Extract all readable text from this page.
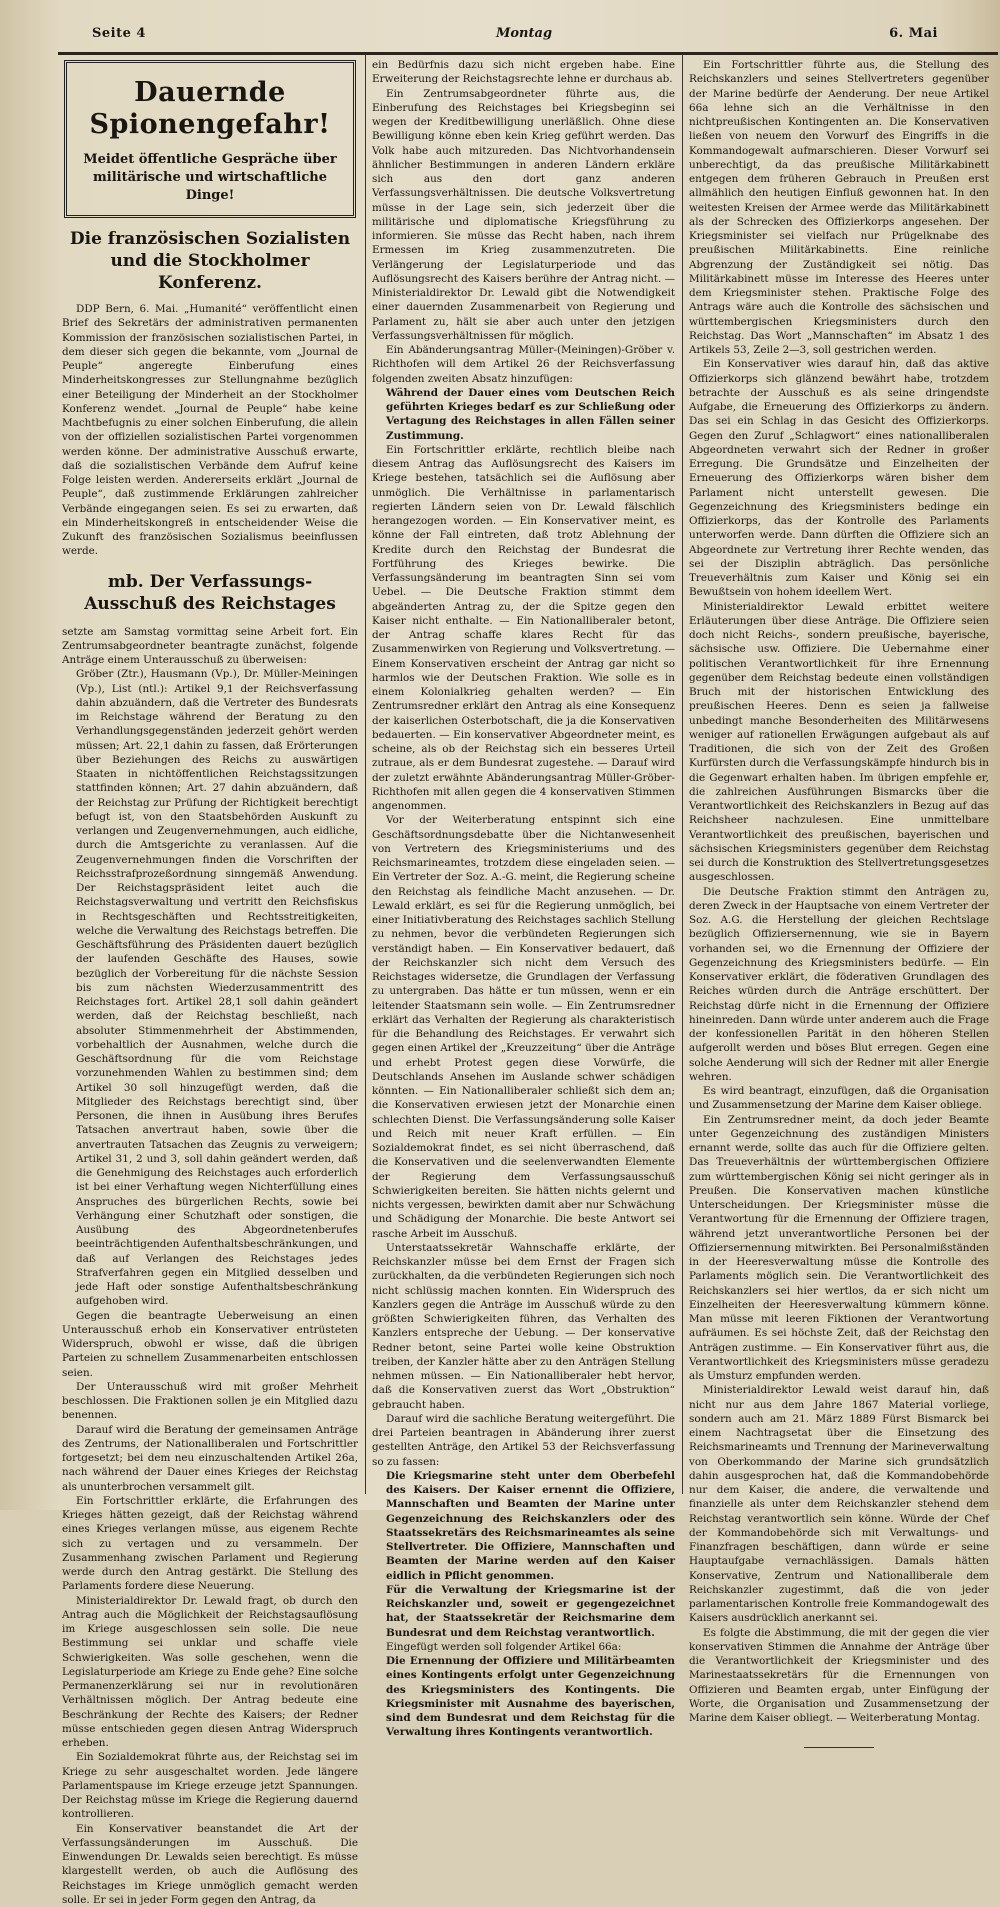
Seite 4	Montag	6. Mai
Dauernde Spionengefahr!
Meidet öffentliche Gespräche über militärische und wirtschaftliche Dinge!
Die französischen Sozialisten und die Stockholmer Konferenz.

DDP Bern, 6. Mai. „Humanité“ veröffentlicht einen Brief des Sekretärs der administrativen permanenten Kommission der französischen sozialistischen Partei, in dem dieser sich gegen die bekannte, vom „Journal de Peuple“ angeregte Einberufung eines Minderheitskongresses zur Stellungnahme bezüglich einer Beteiligung der Minderheit an der Stockholmer Konferenz wendet. „Journal de Peuple“ habe keine Machtbefugnis zu einer solchen Einberufung, die allein von der offiziellen sozialistischen Partei vorgenommen werden könne. Der administrative Ausschuß erwarte, daß die sozialistischen Verbände dem Aufruf keine Folge leisten werden. Andererseits erklärt „Journal de Peuple“, daß zustimmende Erklärungen zahlreicher Verbände eingegangen seien. Es sei zu erwarten, daß ein Minderheitskongreß in entscheidender Weise die Zukunft des französischen Sozialismus beeinflussen werde.

mb. Der Verfassungs-Ausschuß des Reichstages

setzte am Samstag vormittag seine Arbeit fort. Ein Zentrumsabgeordneter beantragte zunächst, folgende Anträge einem Unterausschuß zu überweisen:

Gröber (Ztr.), Hausmann (Vp.), Dr. Müller-Meiningen (Vp.), List (ntl.): Artikel 9,1 der Reichsverfassung dahin abzuändern, daß die Vertreter des Bundesrats im Reichstage während der Beratung zu den Verhandlungsgegenständen jederzeit gehört werden müssen; Art. 22,1 dahin zu fassen, daß Erörterungen über Beziehungen des Reichs zu auswärtigen Staaten in nichtöffentlichen Reichstagssitzungen stattfinden können; Art. 27 dahin abzuändern, daß der Reichstag zur Prüfung der Richtigkeit berechtigt befugt ist, von den Staatsbehörden Auskunft zu verlangen und Zeugenvernehmungen, auch eidliche, durch die Amtsgerichte zu veranlassen. Auf die Zeugenvernehmungen finden die Vorschriften der Reichsstrafprozeßordnung sinngemäß Anwendung. Der Reichstagspräsident leitet auch die Reichstagsverwaltung und vertritt den Reichsfiskus in Rechtsgeschäften und Rechtsstreitigkeiten, welche die Verwaltung des Reichstags betreffen. Die Geschäftsführung des Präsidenten dauert bezüglich der laufenden Geschäfte des Hauses, sowie bezüglich der Vorbereitung für die nächste Session bis zum nächsten Wiederzusammentritt des Reichstages fort. Artikel 28,1 soll dahin geändert werden, daß der Reichstag beschließt, nach absoluter Stimmenmehrheit der Abstimmenden, vorbehaltlich der Ausnahmen, welche durch die Geschäftsordnung für die vom Reichstage vorzunehmenden Wahlen zu bestimmen sind; dem Artikel 30 soll hinzugefügt werden, daß die Mitglieder des Reichstags berechtigt sind, über Personen, die ihnen in Ausübung ihres Berufes Tatsachen anvertraut haben, sowie über die anvertrauten Tatsachen das Zeugnis zu verweigern; Artikel 31, 2 und 3, soll dahin geändert werden, daß die Genehmigung des Reichstages auch erforderlich ist bei einer Verhaftung wegen Nichterfüllung eines Anspruches des bürgerlichen Rechts, sowie bei Verhängung einer Schutzhaft oder sonstigen, die Ausübung des Abgeordnetenberufes beeinträchtigenden Aufenthaltsbeschränkungen, und daß auf Verlangen des Reichstages jedes Strafverfahren gegen ein Mitglied desselben und jede Haft oder sonstige Aufenthaltsbeschränkung aufgehoben wird.

Gegen die beantragte Ueberweisung an einen Unterausschuß erhob ein Konservativer entrüsteten Widerspruch, obwohl er wisse, daß die übrigen Parteien zu schnellem Zusammenarbeiten entschlossen seien.

Der Unterausschuß wird mit großer Mehrheit beschlossen. Die Fraktionen sollen je ein Mitglied dazu benennen.

Darauf wird die Beratung der gemeinsamen Anträge des Zentrums, der Nationalliberalen und Fortschrittler fortgesetzt; bei dem neu einzuschaltenden Artikel 26a, nach während der Dauer eines Krieges der Reichstag als ununterbrochen versammelt gilt.

Ein Fortschrittler erklärte, die Erfahrungen des Krieges hätten gezeigt, daß der Reichstag während eines Krieges verlangen müsse, aus eigenem Rechte sich zu vertagen und zu versammeln. Der Zusammenhang zwischen Parlament und Regierung werde durch den Antrag gestärkt. Die Stellung des Parlaments fordere diese Neuerung.

Ministerialdirektor Dr. Lewald fragt, ob durch den Antrag auch die Möglichkeit der Reichstagsauflösung im Kriege ausgeschlossen sein solle. Die neue Bestimmung sei unklar und schaffe viele Schwierigkeiten. Was solle geschehen, wenn die Legislaturperiode am Kriege zu Ende gehe? Eine solche Permanenzerklärung sei nur in revolutionären Verhältnissen möglich. Der Antrag bedeute eine Beschränkung der Rechte des Kaisers; der Redner müsse entschieden gegen diesen Antrag Widerspruch erheben.

Ein Sozialdemokrat führte aus, der Reichstag sei im Kriege zu sehr ausgeschaltet worden. Jede längere Parlamentspause im Kriege erzeuge jetzt Spannungen. Der Reichstag müsse im Kriege die Regierung dauernd kontrollieren.

Ein Konservativer beanstandet die Art der Verfassungsänderungen im Ausschuß. Die Einwendungen Dr. Lewalds seien berechtigt. Es müsse klargestellt werden, ob auch die Auflösung des Reichstages im Kriege unmöglich gemacht werden solle. Er sei in jeder Form gegen den Antrag, da

ein Bedürfnis dazu sich nicht ergeben habe. Eine Erweiterung der Reichstagsrechte lehne er durchaus ab.

Ein Zentrumsabgeordneter führte aus, die Einberufung des Reichstages bei Kriegsbeginn sei wegen der Kreditbewilligung unerläßlich. Ohne diese Bewilligung könne eben kein Krieg geführt werden. Das Volk habe auch mitzureden. Das Nichtvorhandensein ähnlicher Bestimmungen in anderen Ländern erkläre sich aus den dort ganz anderen Verfassungsverhältnissen. Die deutsche Volksvertretung müsse in der Lage sein, sich jederzeit über die militärische und diplomatische Kriegsführung zu informieren. Sie müsse das Recht haben, nach ihrem Ermessen im Krieg zusammenzutreten. Die Verlängerung der Legislaturperiode und das Auflösungsrecht des Kaisers berühre der Antrag nicht. — Ministerialdirektor Dr. Lewald gibt die Notwendigkeit einer dauernden Zusammenarbeit von Regierung und Parlament zu, hält sie aber auch unter den jetzigen Verfassungsverhältnissen für möglich.

Ein Abänderungsantrag Müller-(Meiningen)-Gröber v. Richthofen will dem Artikel 26 der Reichsverfassung folgenden zweiten Absatz hinzufügen:

Während der Dauer eines vom Deutschen Reich geführten Krieges bedarf es zur Schließung oder Vertagung des Reichstages in allen Fällen seiner Zustimmung.

Ein Fortschrittler erklärte, rechtlich bleibe nach diesem Antrag das Auflösungsrecht des Kaisers im Kriege bestehen, tatsächlich sei die Auflösung aber unmöglich. Die Verhältnisse in parlamentarisch regierten Ländern seien von Dr. Lewald fälschlich herangezogen worden. — Ein Konservativer meint, es könne der Fall eintreten, daß trotz Ablehnung der Kredite durch den Reichstag der Bundesrat die Fortführung des Krieges bewirke. Die Verfassungsänderung im beantragten Sinn sei vom Uebel. — Die Deutsche Fraktion stimmt dem abgeänderten Antrag zu, der die Spitze gegen den Kaiser nicht enthalte. — Ein Nationalliberaler betont, der Antrag schaffe klares Recht für das Zusammenwirken von Regierung und Volksvertretung. — Einem Konservativen erscheint der Antrag gar nicht so harmlos wie der Deutschen Fraktion. Wie solle es in einem Kolonialkrieg gehalten werden? — Ein Zentrumsredner erklärt den Antrag als eine Konsequenz der kaiserlichen Osterbotschaft, die ja die Konservativen bedauerten. — Ein konservativer Abgeordneter meint, es scheine, als ob der Reichstag sich ein besseres Urteil zutraue, als er dem Bundesrat zugestehe. — Darauf wird der zuletzt erwähnte Abänderungsantrag Müller-Gröber-Richthofen mit allen gegen die 4 konservativen Stimmen angenommen.

Vor der Weiterberatung entspinnt sich eine Geschäftsordnungsdebatte über die Nichtanwesenheit von Vertretern des Kriegsministeriums und des Reichsmarineamtes, trotzdem diese eingeladen seien. — Ein Vertreter der Soz. A.-G. meint, die Regierung scheine den Reichstag als feindliche Macht anzusehen. — Dr. Lewald erklärt, es sei für die Regierung unmöglich, bei einer Initiativberatung des Reichstages sachlich Stellung zu nehmen, bevor die verbündeten Regierungen sich verständigt haben. — Ein Konservativer bedauert, daß der Reichskanzler sich nicht dem Versuch des Reichstages widersetze, die Grundlagen der Verfassung zu untergraben. Das hätte er tun müssen, wenn er ein leitender Staatsmann sein wolle. — Ein Zentrumsredner erklärt das Verhalten der Regierung als charakteristisch für die Behandlung des Reichstages. Er verwahrt sich gegen einen Artikel der „Kreuzzeitung“ über die Anträge und erhebt Protest gegen diese Vorwürfe, die Deutschlands Ansehen im Auslande schwer schädigen könnten. — Ein Nationalliberaler schließt sich dem an; die Konservativen erwiesen jetzt der Monarchie einen schlechten Dienst. Die Verfassungsänderung solle Kaiser und Reich mit neuer Kraft erfüllen. — Ein Sozialdemokrat findet, es sei nicht überraschend, daß die Konservativen und die seelenverwandten Elemente der Regierung dem Verfassungsausschuß Schwierigkeiten bereiten. Sie hätten nichts gelernt und nichts vergessen, bewirkten damit aber nur Schwächung und Schädigung der Monarchie. Die beste Antwort sei rasche Arbeit im Ausschuß.

Unterstaatssekretär Wahnschaffe erklärte, der Reichskanzler müsse bei dem Ernst der Fragen sich zurückhalten, da die verbündeten Regierungen sich noch nicht schlüssig machen konnten. Ein Widerspruch des Kanzlers gegen die Anträge im Ausschuß würde zu den größten Schwierigkeiten führen, das Verhalten des Kanzlers entspreche der Uebung. — Der konservative Redner betont, seine Partei wolle keine Obstruktion treiben, der Kanzler hätte aber zu den Anträgen Stellung nehmen müssen. — Ein Nationalliberaler hebt hervor, daß die Konservativen zuerst das Wort „Obstruktion“ gebraucht haben.

Darauf wird die sachliche Beratung weitergeführt. Die drei Parteien beantragen in Abänderung ihrer zuerst gestellten Anträge, den Artikel 53 der Reichsverfassung so zu fassen:

Die Kriegsmarine steht unter dem Oberbefehl des Kaisers. Der Kaiser ernennt die Offiziere, Mannschaften und Beamten der Marine unter Gegenzeichnung des Reichskanzlers oder des Staatssekretärs des Reichsmarineamtes als seine Stellvertreter. Die Offiziere, Mannschaften und Beamten der Marine werden auf den Kaiser eidlich in Pflicht genommen.

Für die Verwaltung der Kriegsmarine ist der Reichskanzler und, soweit er gegengezeichnet hat, der Staatssekretär der Reichsmarine dem Bundesrat und dem Reichstag verantwortlich.

Eingefügt werden soll folgender Artikel 66a:

Die Ernennung der Offiziere und Militärbeamten eines Kontingents erfolgt unter Gegenzeichnung des Kriegsministers des Kontingents. Die Kriegsminister mit Ausnahme des bayerischen, sind dem Bundesrat und dem Reichstag für die Verwaltung ihres Kontingents verantwortlich.

Ein Fortschrittler führte aus, die Stellung des Reichskanzlers und seines Stellvertreters gegenüber der Marine bedürfe der Aenderung. Der neue Artikel 66a lehne sich an die Verhältnisse in den nichtpreußischen Kontingenten an. Die Konservativen ließen von neuem den Vorwurf des Eingriffs in die Kommandogewalt aufmarschieren. Dieser Vorwurf sei unberechtigt, da das preußische Militärkabinett entgegen dem früheren Gebrauch in Preußen erst allmählich den heutigen Einfluß gewonnen hat. In den weitesten Kreisen der Armee werde das Militärkabinett als der Schrecken des Offizierkorps angesehen. Der Kriegsminister sei vielfach nur Prügelknabe des preußischen Militärkabinetts. Eine reinliche Abgrenzung der Zuständigkeit sei nötig. Das Militärkabinett müsse im Interesse des Heeres unter dem Kriegsminister stehen. Praktische Folge des Antrags wäre auch die Kontrolle des sächsischen und württembergischen Kriegsministers durch den Reichstag. Das Wort „Mannschaften“ im Absatz 1 des Artikels 53, Zeile 2—3, soll gestrichen werden.

Ein Konservativer wies darauf hin, daß das aktive Offizierkorps sich glänzend bewährt habe, trotzdem betrachte der Ausschuß es als seine dringendste Aufgabe, die Erneuerung des Offizierkorps zu ändern. Das sei ein Schlag in das Gesicht des Offizierkorps. Gegen den Zuruf „Schlagwort“ eines nationalliberalen Abgeordneten verwahrt sich der Redner in großer Erregung. Die Grundsätze und Einzelheiten der Erneuerung des Offizierkorps wären bisher dem Parlament nicht unterstellt gewesen. Die Gegenzeichnung des Kriegsministers bedinge ein Offizierkorps, das der Kontrolle des Parlaments unterworfen werde. Dann dürften die Offiziere sich an Abgeordnete zur Vertretung ihrer Rechte wenden, das sei der Disziplin abträglich. Das persönliche Treueverhältnis zum Kaiser und König sei ein Bewußtsein von hohem ideellem Wert.

Ministerialdirektor Lewald erbittet weitere Erläuterungen über diese Anträge. Die Offiziere seien doch nicht Reichs-, sondern preußische, bayerische, sächsische usw. Offiziere. Die Uebernahme einer politischen Verantwortlichkeit für ihre Ernennung gegenüber dem Reichstag bedeute einen vollständigen Bruch mit der historischen Entwicklung des preußischen Heeres. Denn es seien ja fallweise unbedingt manche Besonderheiten des Militärwesens weniger auf rationellen Erwägungen aufgebaut als auf Traditionen, die sich von der Zeit des Großen Kurfürsten durch die Verfassungskämpfe hindurch bis in die Gegenwart erhalten haben. Im übrigen empfehle er, die zahlreichen Ausführungen Bismarcks über die Verantwortlichkeit des Reichskanzlers in Bezug auf das Reichsheer nachzulesen. Eine unmittelbare Verantwortlichkeit des preußischen, bayerischen und sächsischen Kriegsministers gegenüber dem Reichstag sei durch die Konstruktion des Stellvertretungsgesetzes ausgeschlossen.

Die Deutsche Fraktion stimmt den Anträgen zu, deren Zweck in der Hauptsache von einem Vertreter der Soz. A.G. die Herstellung der gleichen Rechtslage bezüglich Offiziersernennung, wie sie in Bayern vorhanden sei, wo die Ernennung der Offiziere der Gegenzeichnung des Kriegsministers bedürfe. — Ein Konservativer erklärt, die föderativen Grundlagen des Reiches würden durch die Anträge erschüttert. Der Reichstag dürfe nicht in die Ernennung der Offiziere hineinreden. Dann würde unter anderem auch die Frage der konfessionellen Parität in den höheren Stellen aufgerollt werden und böses Blut erregen. Gegen eine solche Aenderung will sich der Redner mit aller Energie wehren.

Es wird beantragt, einzufügen, daß die Organisation und Zusammensetzung der Marine dem Kaiser obliege.

Ein Zentrumsredner meint, da doch jeder Beamte unter Gegenzeichnung des zuständigen Ministers ernannt werde, sollte das auch für die Offiziere gelten. Das Treueverhältnis der württembergischen Offiziere zum württembergischen König sei nicht geringer als in Preußen. Die Konservativen machen künstliche Unterscheidungen. Der Kriegsminister müsse die Verantwortung für die Ernennung der Offiziere tragen, während jetzt unverantwortliche Personen bei der Offiziersernennung mitwirkten. Bei Personalmißständen in der Heeresverwaltung müsse die Kontrolle des Parlaments möglich sein. Die Verantwortlichkeit des Reichskanzlers sei hier wertlos, da er sich nicht um Einzelheiten der Heeresverwaltung kümmern könne. Man müsse mit leeren Fiktionen der Verantwortung aufräumen. Es sei höchste Zeit, daß der Reichstag den Anträgen zustimme. — Ein Konservativer führt aus, die Verantwortlichkeit des Kriegsministers müsse geradezu als Umsturz empfunden werden.

Ministerialdirektor Lewald weist darauf hin, daß nicht nur aus dem Jahre 1867 Material vorliege, sondern auch am 21. März 1889 Fürst Bismarck bei einem Nachtragsetat über die Einsetzung des Reichsmarineamts und Trennung der Marineverwaltung von Oberkommando der Marine sich grundsätzlich dahin ausgesprochen hat, daß die Kommandobehörde nur dem Kaiser, die andere, die verwaltende und finanzielle als unter dem Reichskanzler stehend dem Reichstag verantwortlich sein könne. Würde der Chef der Kommandobehörde sich mit Verwaltungs- und Finanzfragen beschäftigen, dann würde er seine Hauptaufgabe vernachlässigen. Damals hätten Konservative, Zentrum und Nationalliberale dem Reichskanzler zugestimmt, daß die von jeder parlamentarischen Kontrolle freie Kommandogewalt des Kaisers ausdrücklich anerkannt sei.

Es folgte die Abstimmung, die mit der gegen die vier konservativen Stimmen die Annahme der Anträge über die Verantwortlichkeit der Kriegsminister und des Marinestaatssekretärs für die Ernennungen von Offizieren und Beamten ergab, unter Einfügung der Worte, die Organisation und Zusammensetzung der Marine dem Kaiser obliegt. — Weiterberatung Montag.
